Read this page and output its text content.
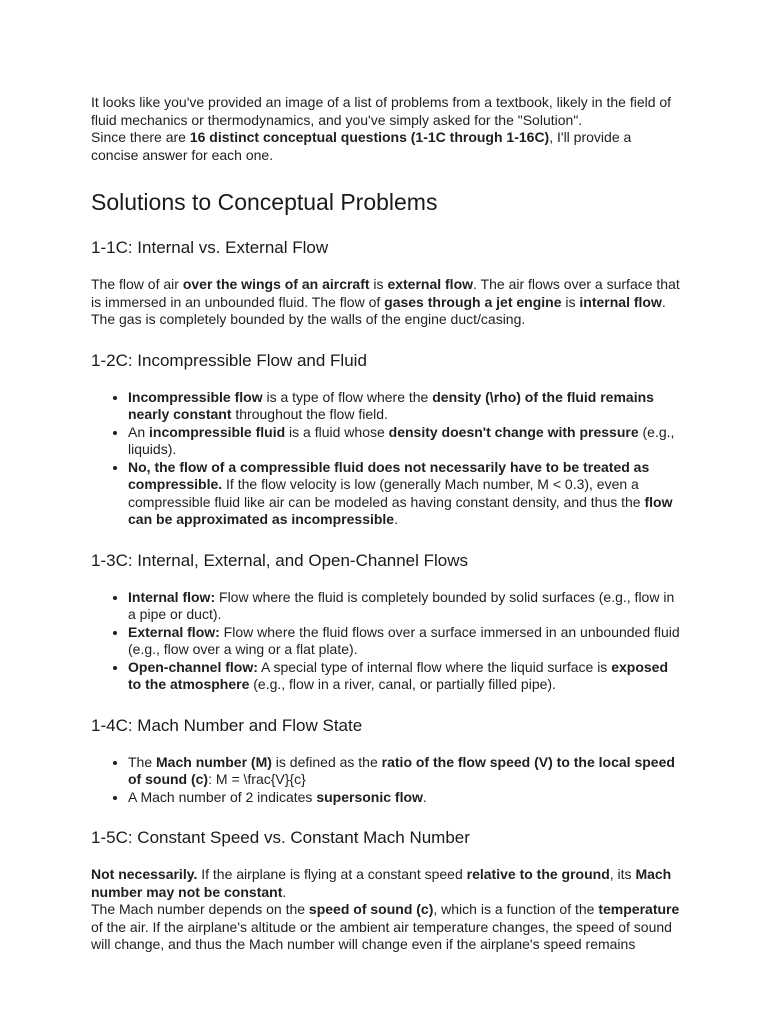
It looks like you've provided an image of a list of problems from a textbook, likely in the field of fluid mechanics or thermodynamics, and you've simply asked for the "Solution".

Since there are 16 distinct conceptual questions (1-1C through 1-16C), I'll provide a concise answer for each one.

Solutions to Conceptual Problems
1-1C: Internal vs. External Flow

The flow of air over the wings of an aircraft is external flow. The air flows over a surface that is immersed in an unbounded fluid. The flow of gases through a jet engine is internal flow. The gas is completely bounded by the walls of the engine duct/casing.

1-2C: Incompressible Flow and Fluid
• Incompressible flow is a type of flow where the density (\rho) of the fluid remains nearly constant throughout the flow field.
• An incompressible fluid is a fluid whose density doesn't change with pressure (e.g., liquids).
• No, the flow of a compressible fluid does not necessarily have to be treated as compressible. If the flow velocity is low (generally Mach number, M < 0.3), even a compressible fluid like air can be modeled as having constant density, and thus the flow can be approximated as incompressible.
1-3C: Internal, External, and Open-Channel Flows
• Internal flow: Flow where the fluid is completely bounded by solid surfaces (e.g., flow in a pipe or duct).
• External flow: Flow where the fluid flows over a surface immersed in an unbounded fluid (e.g., flow over a wing or a flat plate).
• Open-channel flow: A special type of internal flow where the liquid surface is exposed to the atmosphere (e.g., flow in a river, canal, or partially filled pipe).
1-4C: Mach Number and Flow State
• The Mach number (M) is defined as the ratio of the flow speed (V) to the local speed of sound (c): M = \frac{V}{c}
• A Mach number of 2 indicates supersonic flow.
1-5C: Constant Speed vs. Constant Mach Number

Not necessarily. If the airplane is flying at a constant speed relative to the ground, its Mach number may not be constant.

The Mach number depends on the speed of sound (c), which is a function of the temperature of the air. If the airplane's altitude or the ambient air temperature changes, the speed of sound will change, and thus the Mach number will change even if the airplane's speed remains
